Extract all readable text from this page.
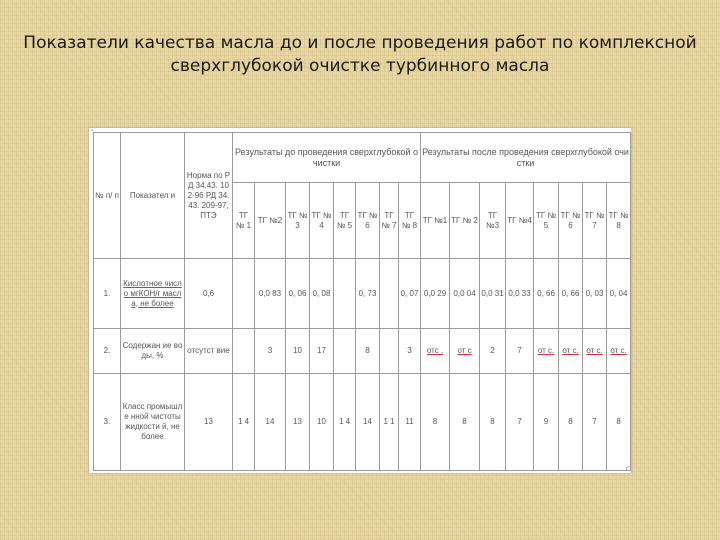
Показатели качества масла до и после проведения работ по комплексной
сверхглубокой очистке турбинного масла
'
c
№ п/ п	Показател и	Норма по РД 34.43. 102-96 РД 34.43. 209-97, ПТЭ	Результаты до проведения сверхглубокой очистки								Результаты после проведения сверхглубокой очистки							
			ТГ № 1	ТГ №2	ТГ № 3	ТГ № 4	ТГ № 5	ТГ № 6	ТГ № 7	ТГ № 8	ТГ №1	ТГ № 2	ТГ №3	ТГ №4	ТГ № 5	ТГ № 6	ТГ № 7	ТГ № 8
1.	Кислотное число мгКОН/г масла, не более	0,6		0,0 83	0, 06	0, 08		0, 73		0, 07	0,0 29	0,0 04	0,0 31	0,0 33	0, 66	0, 66	0, 03	0, 04
2.	Содержан ие воды, %	отсутст вие		3	10	17		8		3	отс .	от с	2	7	от с.	от с.	от с.	от с.
3.	Класс промышле нной чистоты жидкости й, не более	13	1 4	14	13	10	1 4	14	1 1	11	8	8	8	7	9	8	7	8
